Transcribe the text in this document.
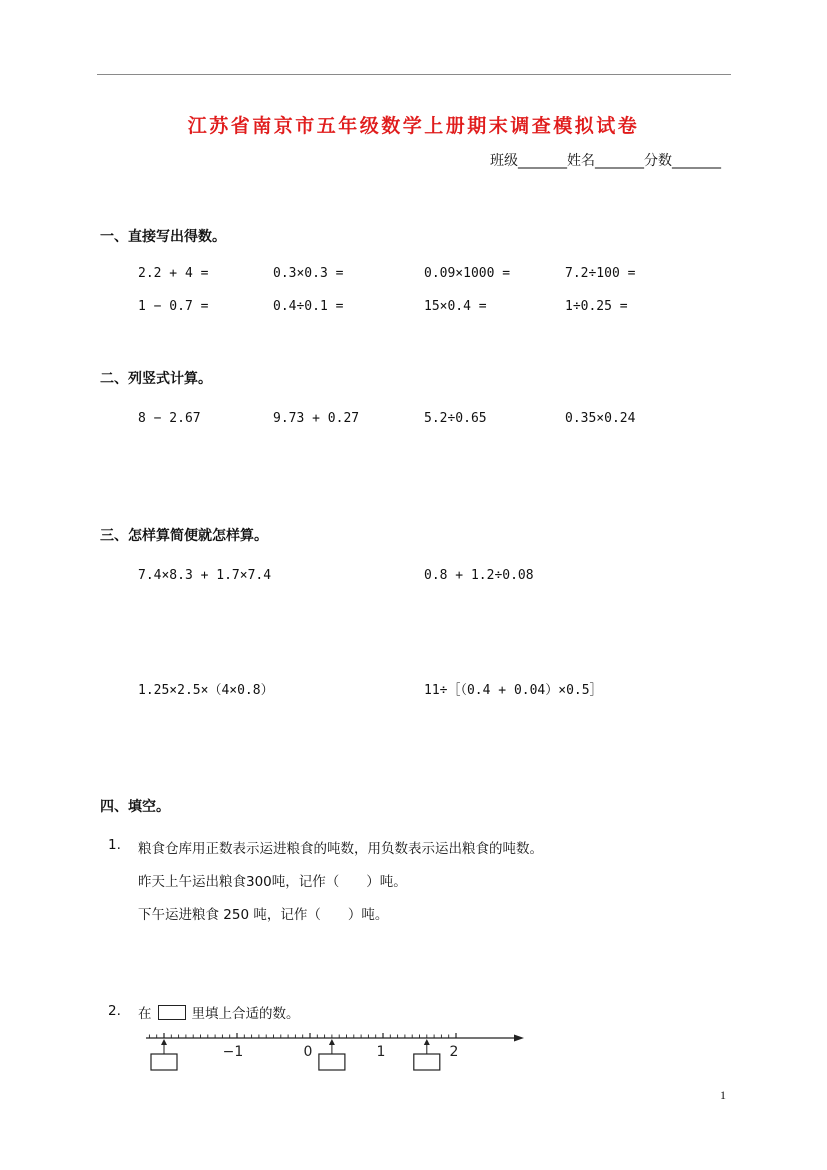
江苏省南京市五年级数学上册期末调查模拟试卷
班级_______姓名_______分数_______
一、直接写出得数。
2.2 + 4 =	0.3×0.3 =	0.09×1000 =	7.2÷100 =
1 − 0.7 =	0.4÷0.1 =	15×0.4 =	1÷0.25 =
二、列竖式计算。
8 − 2.67	9.73 + 0.27	5.2÷0.65	0.35×0.24
三、怎样算简便就怎样算。
7.4×8.3 + 1.7×7.4	0.8 + 1.2÷0.08
1.25×2.5×（4×0.8）	11÷［（0.4 + 0.04）×0.5］
四、填空。
1. 粮食仓库用正数表示运进粮食的吨数，用负数表示运出粮食的吨数。
昨天上午运出粮食300吨，记作（　　）吨。
下午运进粮食 250 吨，记作（　　）吨。
2. 在	里填上合适的数。
−1	0	1	2
1
